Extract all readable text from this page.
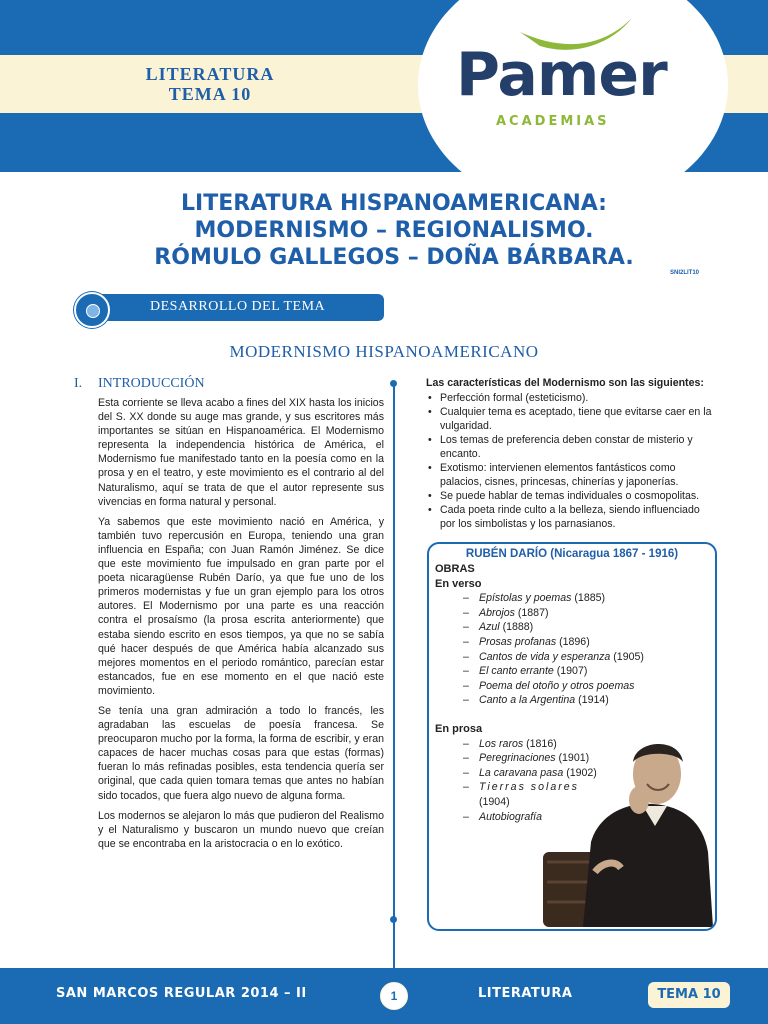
LITERATURA
TEMA 10	Pamer
ACADEMIAS
LITERATURA HISPANOAMERICANA:
MODERNISMO – REGIONALISMO.
RÓMULO GALLEGOS – DOÑA BÁRBARA.
SNI2LIT10
DESARROLLO DEL TEMA
MODERNISMO HISPANOAMERICANO
I. INTRODUCCIÓN

Esta corriente se lleva acabo a fines del XIX hasta los inicios del S. XX donde su auge mas grande, y sus escritores más importantes se sitúan en Hispanoamérica. El Modernismo representa la independencia histórica de América, el Modernismo fue manifestado tanto en la poesía como en la prosa y en el teatro, y este movimiento es el contrario al del Naturalismo, aquí se trata de que el autor represente sus vivencias en forma natural y personal.

Ya sabemos que este movimiento nació en América, y también tuvo repercusión en Europa, teniendo una gran influencia en España; con Juan Ramón Jiménez. Se dice que este movimiento fue impulsado en gran parte por el poeta nicaragüense Rubén Darío, ya que fue uno de los primeros modernistas y fue un gran ejemplo para los otros autores. El Modernismo por una parte es una reacción contra el prosaísmo (la prosa escrita anteriormente) que estaba siendo escrito en esos tiempos, ya que no se sabía qué hacer después de que América había alcanzado sus mejores momentos en el periodo romántico, parecían estar estancados, fue en ese momento en el que nació este movimiento.

Se tenía una gran admiración a todo lo francés, les agradaban las escuelas de poesía francesa. Se preocuparon mucho por la forma, la forma de escribir, y eran capaces de hacer muchas cosas para que estas (formas) fueran lo más refinadas posibles, esta tendencia quería ser original, que cada quien tomara temas que antes no habían sido tocados, que fuera algo nuevo de alguna forma.

Los modernos se alejaron lo más que pudieron del Realismo y el Naturalismo y buscaron un mundo nuevo que creían que se encontraba en la aristocracia o en lo exótico.

Las características del Modernismo son las siguientes:
• Perfección formal (esteticismo).
• Cualquier tema es aceptado, tiene que evitarse caer en la vulgaridad.
• Los temas de preferencia deben constar de misterio y encanto.
• Exotismo: intervienen elementos fantásticos como palacios, cisnes, princesas, chinerías y japonerías.
• Se puede hablar de temas individuales o cosmopolitas.
• Cada poeta rinde culto a la belleza, siendo influenciado por los simbolistas y los parnasianos.
RUBÉN DARÍO (Nicaragua 1867 - 1916)
OBRAS
En verso
– Epístolas y poemas (1885)
– Abrojos (1887)
– Azul (1888)
– Prosas profanas (1896)
– Cantos de vida y esperanza (1905)
– El canto errante (1907)
– Poema del otoño y otros poemas
– Canto a la Argentina (1914)
En prosa
– Los raros (1816)
– Peregrinaciones (1901)
– La caravana pasa (1902)
– Tierras solares
(1904)
– Autobiografía
SAN MARCOS REGULAR 2014 – II	1	LITERATURA	TEMA 10
